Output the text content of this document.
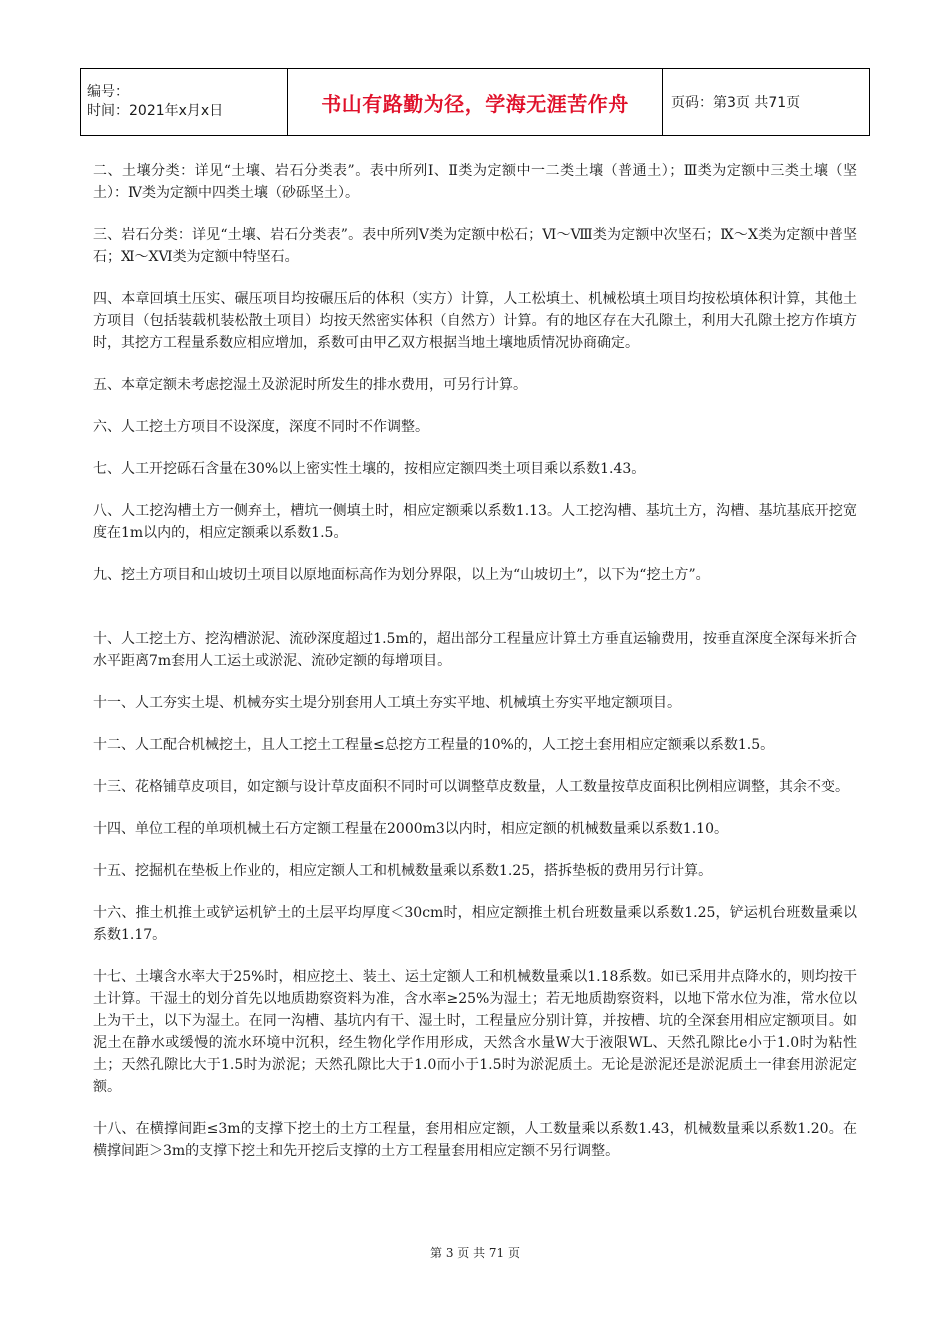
编号：
时间：2021年x月x日	书山有路勤为径，学海无涯苦作舟	页码：第3页 共71页

二、土壤分类：详见“土壤、岩石分类表”。表中所列Ⅰ、Ⅱ类为定额中一二类土壤（普通土）；Ⅲ类为定额中三类土壤（坚土）：Ⅳ类为定额中四类土壤（砂砾坚土）。

三、岩石分类：详见“土壤、岩石分类表”。表中所列Ⅴ类为定额中松石；Ⅵ～Ⅷ类为定额中次坚石；Ⅸ～Ⅹ类为定额中普坚石；Ⅺ～ⅩⅥ类为定额中特坚石。

四、本章回填土压实、碾压项目均按碾压后的体积（实方）计算，人工松填土、机械松填土项目均按松填体积计算，其他土方项目（包括装载机装松散土项目）均按天然密实体积（自然方）计算。有的地区存在大孔隙土，利用大孔隙土挖方作填方时，其挖方工程量系数应相应增加，系数可由甲乙双方根据当地土壤地质情况协商确定。

五、本章定额未考虑挖湿土及淤泥时所发生的排水费用，可另行计算。

六、人工挖土方项目不设深度，深度不同时不作调整。

七、人工开挖砾石含量在30%以上密实性土壤的，按相应定额四类土项目乘以系数1.43。

八、人工挖沟槽土方一侧弃土，槽坑一侧填土时，相应定额乘以系数1.13。人工挖沟槽、基坑土方，沟槽、基坑基底开挖宽度在1m以内的，相应定额乘以系数1.5。

九、挖土方项目和山坡切土项目以原地面标高作为划分界限，以上为“山坡切土”，以下为“挖土方”。

十、人工挖土方、挖沟槽淤泥、流砂深度超过1.5m的，超出部分工程量应计算土方垂直运输费用，按垂直深度全深每米折合水平距离7m套用人工运土或淤泥、流砂定额的每增项目。

十一、人工夯实土堤、机械夯实土堤分别套用人工填土夯实平地、机械填土夯实平地定额项目。

十二、人工配合机械挖土，且人工挖土工程量≤总挖方工程量的10%的，人工挖土套用相应定额乘以系数1.5。

十三、花格铺草皮项目，如定额与设计草皮面积不同时可以调整草皮数量，人工数量按草皮面积比例相应调整，其余不变。

十四、单位工程的单项机械土石方定额工程量在2000m3以内时，相应定额的机械数量乘以系数1.10。

十五、挖掘机在垫板上作业的，相应定额人工和机械数量乘以系数1.25，搭拆垫板的费用另行计算。

十六、推土机推土或铲运机铲土的土层平均厚度＜30cm时，相应定额推土机台班数量乘以系数1.25，铲运机台班数量乘以系数1.17。

十七、土壤含水率大于25%时，相应挖土、装土、运土定额人工和机械数量乘以1.18系数。如已采用井点降水的，则均按干土计算。干湿土的划分首先以地质勘察资料为准，含水率≥25%为湿土；若无地质勘察资料，以地下常水位为准，常水位以上为干土，以下为湿土。在同一沟槽、基坑内有干、湿土时，工程量应分别计算，并按槽、坑的全深套用相应定额项目。如泥土在静水或缓慢的流水环境中沉积，经生物化学作用形成，天然含水量W大于液限WL、天然孔隙比e小于1.0时为粘性土；天然孔隙比大于1.5时为淤泥；天然孔隙比大于1.0而小于1.5时为淤泥质土。无论是淤泥还是淤泥质土一律套用淤泥定额。

十八、在横撑间距≤3m的支撑下挖土的土方工程量，套用相应定额，人工数量乘以系数1.43，机械数量乘以系数1.20。在横撑间距＞3m的支撑下挖土和先开挖后支撑的土方工程量套用相应定额不另行调整。

第 3 页 共 71 页
